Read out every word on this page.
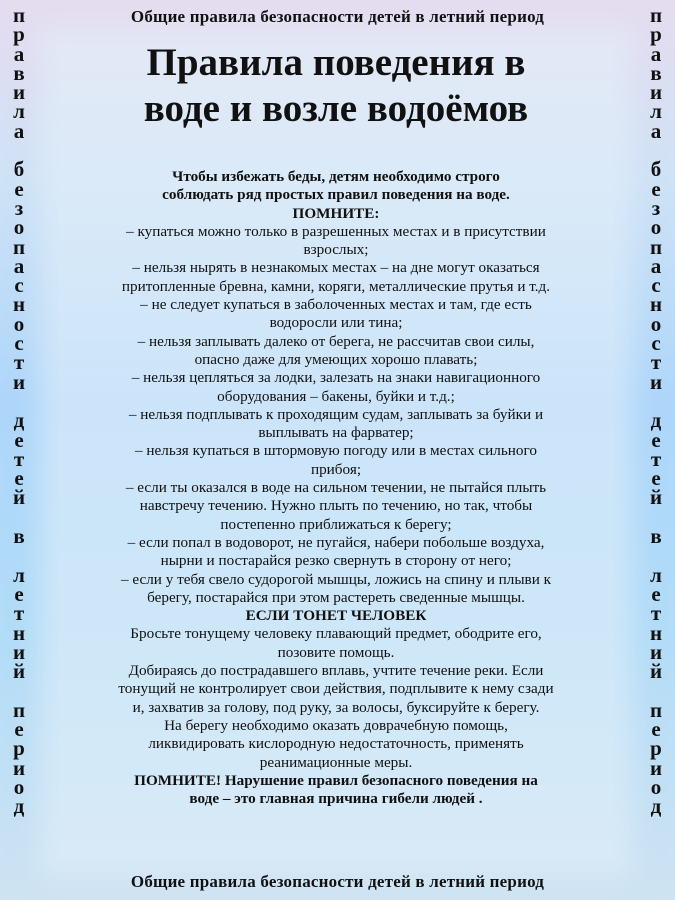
Общие правила безопасности детей в летний период
п
р
а
в
и
л
а

б
е
з
о
п
а
с
н
о
с
т
и

д
е
т
е
й

в

л
е
т
н
и
й

п
е
р
и
о
д
п
р
а
в
и
л
а

б
е
з
о
п
а
с
н
о
с
т
и

д
е
т
е
й

в

л
е
т
н
и
й

п
е
р
и
о
д
Правила поведения в
воде и возле водоёмов
Чтобы избежать беды, детям необходимо строго
соблюдать ряд простых правил поведения на воде.
ПОМНИТЕ:

– купаться можно только в разрешенных местах и в присутствии
взрослых;

– нельзя нырять в незнакомых местах – на дне могут оказаться
притопленные бревна, камни, коряги, металлические прутья и т.д.

– не следует купаться в заболоченных местах и там, где есть
водоросли или тина;

– нельзя заплывать далеко от берега, не рассчитав свои силы,
опасно даже для умеющих хорошо плавать;

– нельзя цепляться за лодки, залезать на знаки навигационного
оборудования – бакены, буйки и т.д.;

– нельзя подплывать к проходящим судам, заплывать за буйки и
выплывать на фарватер;

– нельзя купаться в штормовую погоду или в местах сильного
прибоя;

– если ты оказался в воде на сильном течении, не пытайся плыть
навстречу течению. Нужно плыть по течению, но так, чтобы
постепенно приближаться к берегу;

– если попал в водоворот, не пугайся, набери побольше воздуха,
нырни и постарайся резко свернуть в сторону от него;

– если у тебя свело судорогой мышцы, ложись на спину и плыви к
берегу, постарайся при этом растереть сведенные мышцы.

ЕСЛИ ТОНЕТ ЧЕЛОВЕК

Бросьте тонущему человеку плавающий предмет, ободрите его,
позовите помощь.

Добираясь до пострадавшего вплавь, учтите течение реки. Если
тонущий не контролирует свои действия, подплывите к нему сзади
и, захватив за голову, под руку, за волосы, буксируйте к берегу.

На берегу необходимо оказать доврачебную помощь,
ликвидировать кислородную недостаточность, применять
реанимационные меры.

ПОМНИТЕ! Нарушение правил безопасного поведения на
воде – это главная причина гибели людей .
Общие правила безопасности детей в летний период
